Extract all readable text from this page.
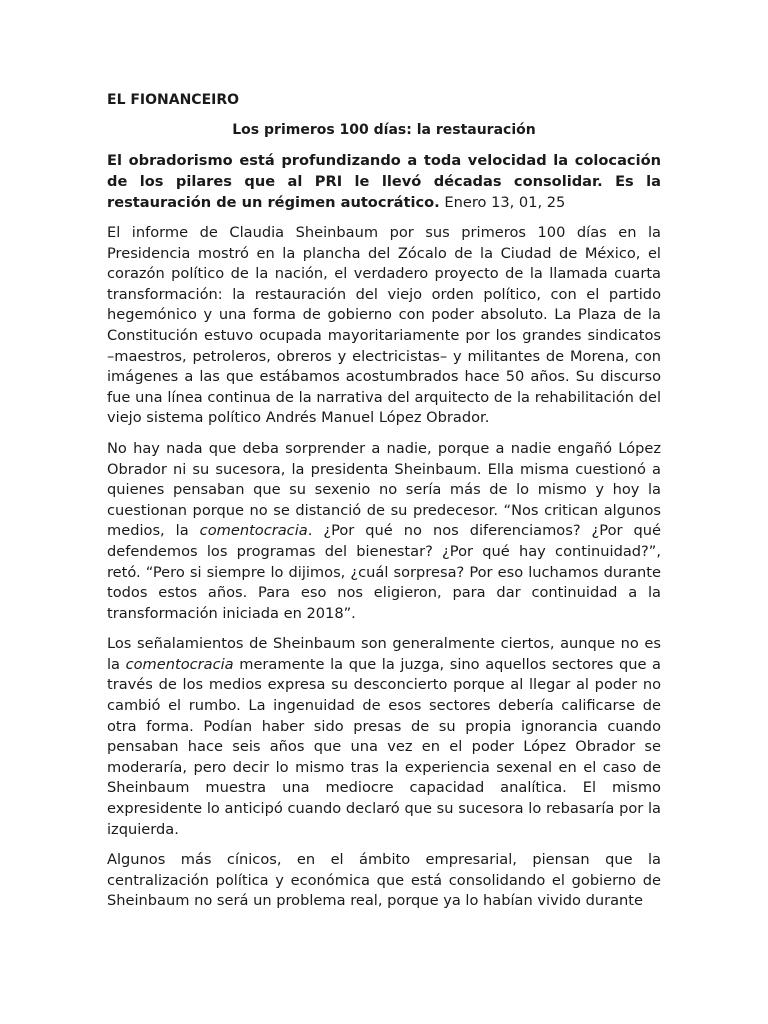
EL FIONANCEIRO
Los primeros 100 días: la restauración
El obradorismo está profundizando a toda velocidad la colocación de los pilares que al PRI le llevó décadas consolidar. Es la restauración de un régimen autocrático. Enero 13, 01, 25

El informe de Claudia Sheinbaum por sus primeros 100 días en la Presidencia mostró en la plancha del Zócalo de la Ciudad de México, el corazón político de la nación, el verdadero proyecto de la llamada cuarta transformación: la restauración del viejo orden político, con el partido hegemónico y una forma de gobierno con poder absoluto. La Plaza de la Constitución estuvo ocupada mayoritariamente por los grandes sindicatos –maestros, petroleros, obreros y electricistas– y militantes de Morena, con imágenes a las que estábamos acostumbrados hace 50 años. Su discurso fue una línea continua de la narrativa del arquitecto de la rehabilitación del viejo sistema político Andrés Manuel López Obrador.

No hay nada que deba sorprender a nadie, porque a nadie engañó López Obrador ni su sucesora, la presidenta Sheinbaum. Ella misma cuestionó a quienes pensaban que su sexenio no sería más de lo mismo y hoy la cuestionan porque no se distanció de su predecesor. “Nos critican algunos medios, la comentocracia. ¿Por qué no nos diferenciamos? ¿Por qué defendemos los programas del bienestar? ¿Por qué hay continuidad?”, retó. “Pero si siempre lo dijimos, ¿cuál sorpresa? Por eso luchamos durante todos estos años. Para eso nos eligieron, para dar continuidad a la transformación iniciada en 2018”.

Los señalamientos de Sheinbaum son generalmente ciertos, aunque no es la comentocracia meramente la que la juzga, sino aquellos sectores que a través de los medios expresa su desconcierto porque al llegar al poder no cambió el rumbo. La ingenuidad de esos sectores debería calificarse de otra forma. Podían haber sido presas de su propia ignorancia cuando pensaban hace seis años que una vez en el poder López Obrador se moderaría, pero decir lo mismo tras la experiencia sexenal en el caso de Sheinbaum muestra una mediocre capacidad analítica. El mismo expresidente lo anticipó cuando declaró que su sucesora lo rebasaría por la izquierda.

Algunos más cínicos, en el ámbito empresarial, piensan que la centralización política y económica que está consolidando el gobierno de Sheinbaum no será un problema real, porque ya lo habían vivido durante
